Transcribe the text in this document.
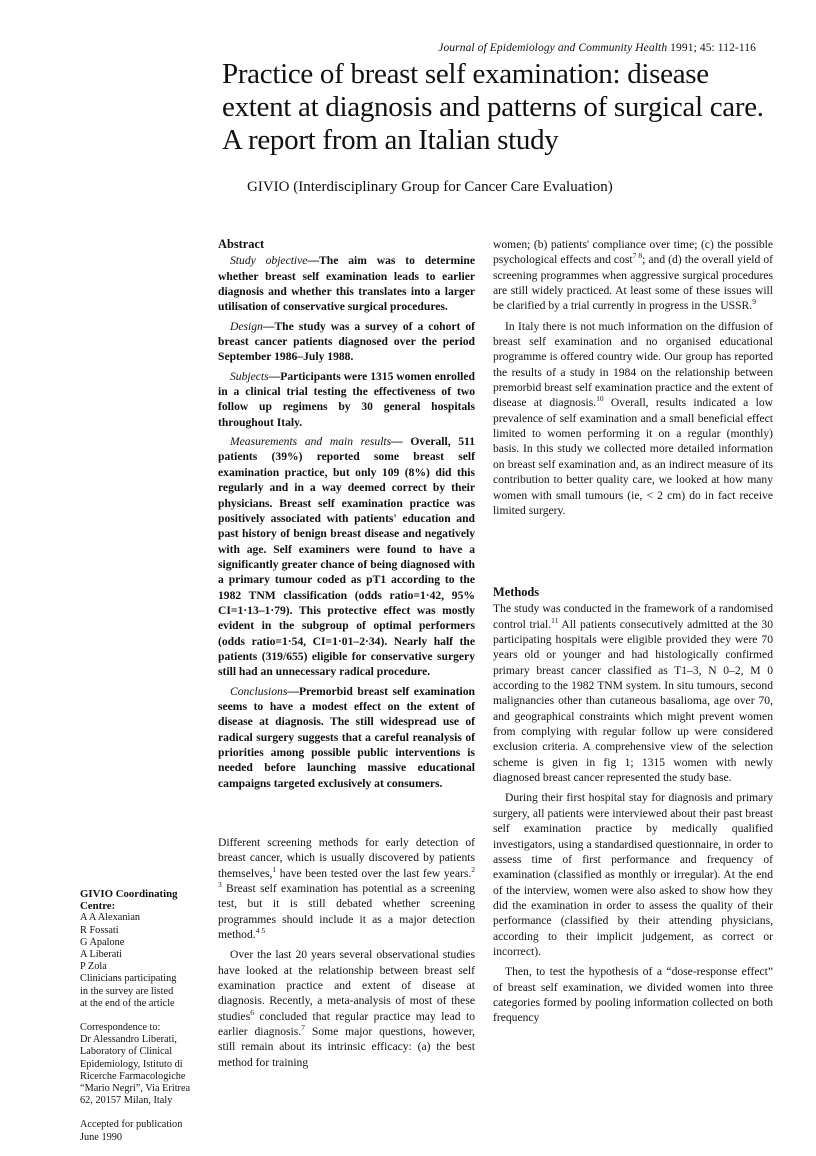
Journal of Epidemiology and Community Health 1991; 45: 112-116
Practice of breast self examination: disease extent at diagnosis and patterns of surgical care. A report from an Italian study
GIVIO (Interdisciplinary Group for Cancer Care Evaluation)
Abstract

Study objective—The aim was to determine whether breast self examination leads to earlier diagnosis and whether this translates into a larger utilisation of conservative surgical procedures.

Design—The study was a survey of a cohort of breast cancer patients diagnosed over the period September 1986–July 1988.

Subjects—Participants were 1315 women enrolled in a clinical trial testing the effectiveness of two follow up regimens by 30 general hospitals throughout Italy.

Measurements and main results— Overall, 511 patients (39%) reported some breast self examination practice, but only 109 (8%) did this regularly and in a way deemed correct by their physicians. Breast self examination practice was positively associated with patients' education and past history of benign breast disease and negatively with age. Self examiners were found to have a significantly greater chance of being diagnosed with a primary tumour coded as pT1 according to the 1982 TNM classification (odds ratio=1·42, 95% CI=1·13–1·79). This protective effect was mostly evident in the subgroup of optimal performers (odds ratio=1·54, CI=1·01–2·34). Nearly half the patients (319/655) eligible for conservative surgery still had an unnecessary radical procedure.

Conclusions—Premorbid breast self examination seems to have a modest effect on the extent of disease at diagnosis. The still widespread use of radical surgery suggests that a careful reanalysis of priorities among possible public interventions is needed before launching massive educational campaigns targeted exclusively at consumers.

Different screening methods for early detection of breast cancer, which is usually discovered by patients themselves,$^1$ have been tested over the last few years.$^{2 3}$ Breast self examination has potential as a screening test, but it is still debated whether screening programmes should include it as a major detection method.$^{4 5}$

Over the last 20 years several observational studies have looked at the relationship between breast self examination practice and extent of disease at diagnosis. Recently, a meta-analysis of most of these studies$^6$ concluded that regular practice may lead to earlier diagnosis.$^7$ Some major questions, however, still remain about its intrinsic efficacy: (a) the best method for training

women; (b) patients' compliance over time; (c) the possible psychological effects and cost$^{7 8}$; and (d) the overall yield of screening programmes when aggressive surgical procedures are still widely practiced. At least some of these issues will be clarified by a trial currently in progress in the USSR.$^9$

In Italy there is not much information on the diffusion of breast self examination and no organised educational programme is offered country wide. Our group has reported the results of a study in 1984 on the relationship between premorbid breast self examination practice and the extent of disease at diagnosis.$^{10}$ Overall, results indicated a low prevalence of self examination and a small beneficial effect limited to women performing it on a regular (monthly) basis. In this study we collected more detailed information on breast self examination and, as an indirect measure of its contribution to better quality care, we looked at how many women with small tumours (ie, < 2 cm) do in fact receive limited surgery.

Methods

The study was conducted in the framework of a randomised control trial.$^{11}$ All patients consecutively admitted at the 30 participating hospitals were eligible provided they were 70 years old or younger and had histologically confirmed primary breast cancer classified as T1–3, N 0–2, M 0 according to the 1982 TNM system. In situ tumours, second malignancies other than cutaneous basalioma, age over 70, and geographical constraints which might prevent women from complying with regular follow up were considered exclusion criteria. A comprehensive view of the selection scheme is given in fig 1; 1315 women with newly diagnosed breast cancer represented the study base.

During their first hospital stay for diagnosis and primary surgery, all patients were interviewed about their past breast self examination practice by medically qualified investigators, using a standardised questionnaire, in order to assess time of first performance and frequency of examination (classified as monthly or irregular). At the end of the interview, women were also asked to show how they did the examination in order to assess the quality of their performance (classified by their attending physicians, according to their implicit judgement, as correct or incorrect).

Then, to test the hypothesis of a “dose-response effect” of breast self examination, we divided women into three categories formed by pooling information collected on both frequency

GIVIO Coordinating
Centre:
A A Alexanian
R Fossati
G Apalone
A Liberati
P Zola
Clinicians participating
in the survey are listed
at the end of the article
Correspondence to:
Dr Alessandro Liberati,
Laboratory of Clinical
Epidemiology, Istituto di
Ricerche Farmacologiche
“Mario Negri”, Via Eritrea
62, 20157 Milan, Italy
Accepted for publication
June 1990
